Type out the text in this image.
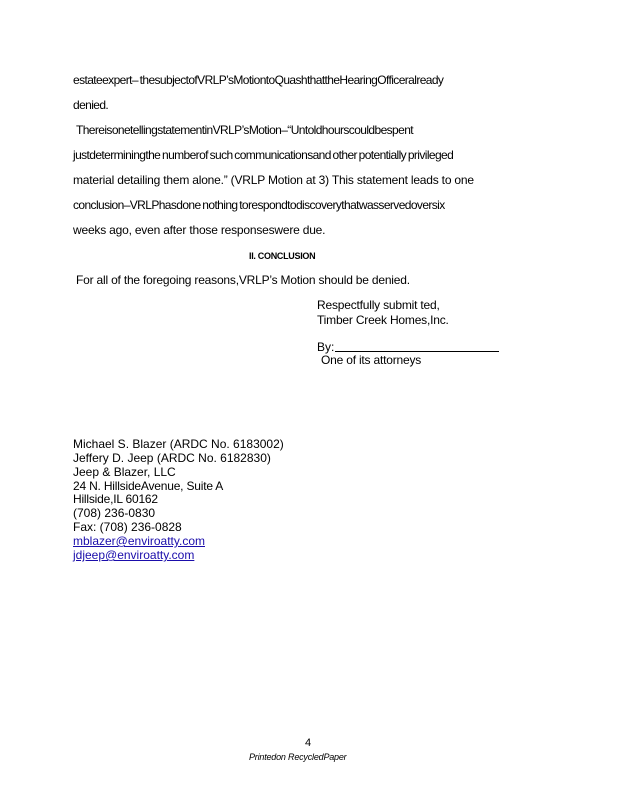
estateexpert– thesubjectofVRLP’sMotiontoQuashthattheHearingOfficeralready
denied.
ThereisonetellingstatementinVRLP’sMotion–“Untoldhourscouldbespent
justdeterminingthe numberof such communicationsand other potentially privileged
material detailing them alone.” (VRLP Motion at 3) This statement leads to one
conclusion–VRLPhasdone nothing torespondtodiscoverythatwasservedoversix
weeks ago, even after those responseswere due.
II. CONCLUSION
For all of the foregoing reasons,VRLP’s Motion should be denied.
Respectfully submit ted,
Timber Creek Homes,Inc.
By:
One of its attorneys
Michael S. Blazer (ARDC No. 6183002)
Jeffery D. Jeep (ARDC No. 6182830)
Jeep & Blazer, LLC
24 N. HillsideAvenue, Suite A
Hillside,IL 60162
(708) 236-0830
Fax: (708) 236-0828
mblazer@enviroatty.com
jdjeep@enviroatty.com
4
Printedon RecycledPaper
